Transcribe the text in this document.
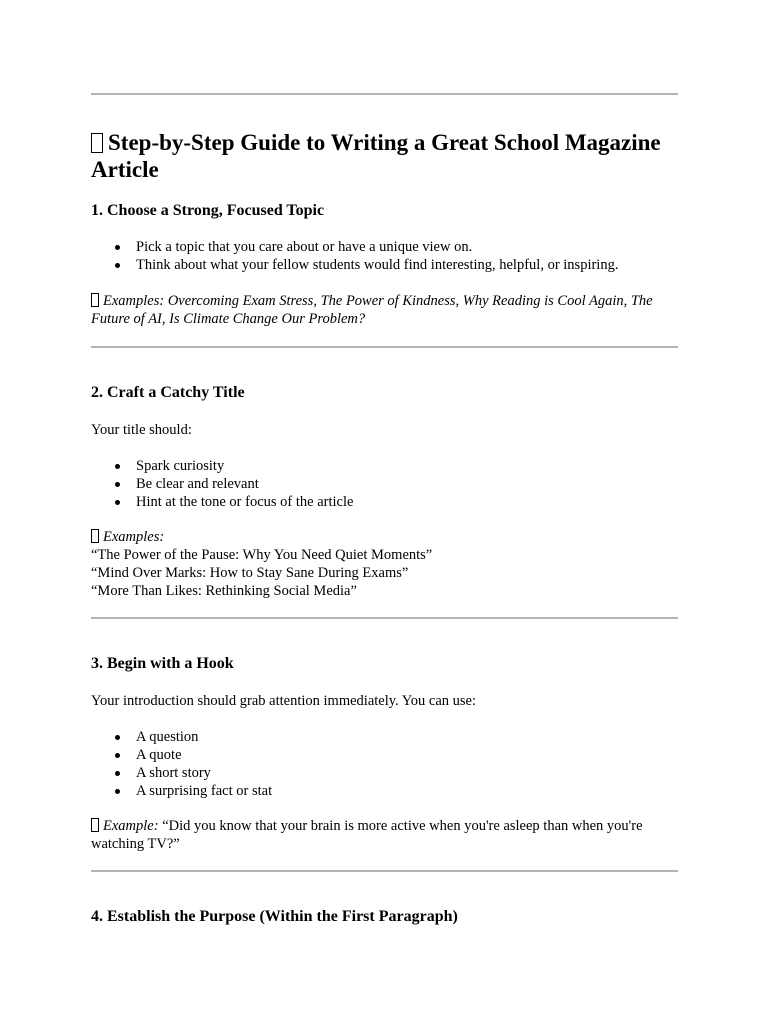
Step-by-Step Guide to Writing a Great School Magazine Article
1. Choose a Strong, Focused Topic
Pick a topic that you care about or have a unique view on.
Think about what your fellow students would find interesting, helpful, or inspiring.
Examples: Overcoming Exam Stress, The Power of Kindness, Why Reading is Cool Again, The Future of AI, Is Climate Change Our Problem?
2. Craft a Catchy Title
Your title should:
Spark curiosity
Be clear and relevant
Hint at the tone or focus of the article
Examples:
“The Power of the Pause: Why You Need Quiet Moments”
“Mind Over Marks: How to Stay Sane During Exams”
“More Than Likes: Rethinking Social Media”
3. Begin with a Hook
Your introduction should grab attention immediately. You can use:
A question
A quote
A short story
A surprising fact or stat
Example: “Did you know that your brain is more active when you're asleep than when you're watching TV?”
4. Establish the Purpose (Within the First Paragraph)
